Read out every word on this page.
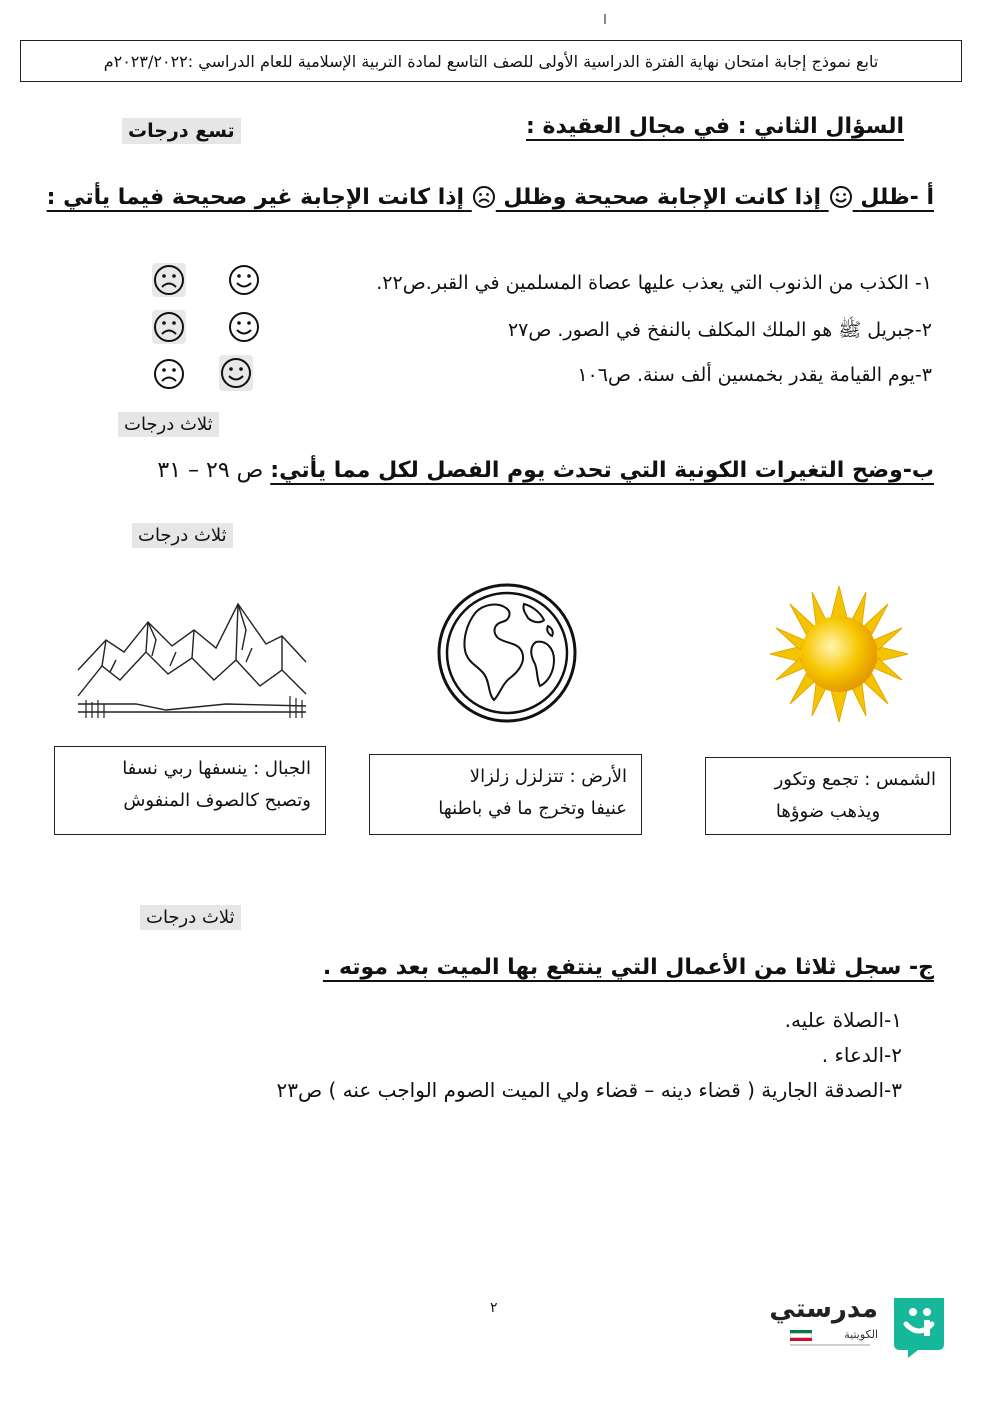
تابع نموذج إجابة امتحان نهاية الفترة الدراسية الأولى للصف التاسع لمادة التربية الإسلامية للعام الدراسي :٢٠٢٣/٢٠٢٢م
السؤال الثاني : في مجال العقيدة :
تسع درجات
أ -ظلل  إذا كانت الإجابة صحيحة وظلل  إذا كانت الإجابة غير صحيحة فيما يأتي :
١- الكذب من الذنوب التي يعذب عليها عصاة المسلمين في القبر.ص٢٢.
٢-جبريل ﷺ هو الملك المكلف بالنفخ في الصور. ص٢٧
٣-يوم القيامة يقدر بخمسين ألف سنة. ص١٠٦
ثلاث درجات
ب-وضح التغيرات الكونية التي تحدث يوم الفصل لكل مما يأتي: ص ٢٩ – ٣١
ثلاث درجات
الشمس : تجمع وتكور
ويذهب ضوؤها
الأرض : تتزلزل زلزالا
عنيفا وتخرج ما في باطنها
الجبال : ينسفها ربي نسفا
وتصبح كالصوف المنفوش
ثلاث درجات
ج- سجل ثلاثا من الأعمال التي ينتفع بها الميت بعد موته .
١-الصلاة عليه.
٢-الدعاء .
٣-الصدقة الجارية ( قضاء دينه – قضاء ولي الميت الصوم الواجب عنه ) ص٢٣
٢	مدرستي
الكويتية
